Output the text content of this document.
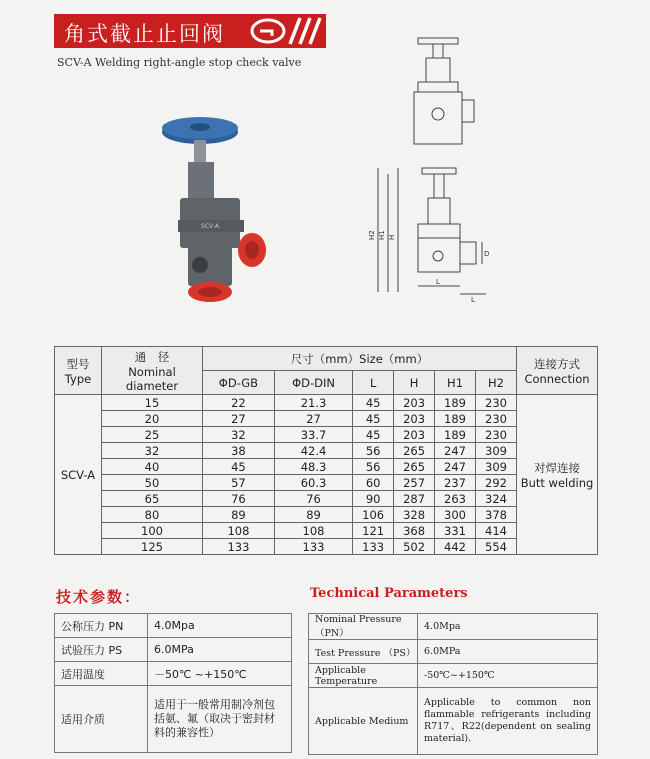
角式截止止回阀
SCV-A Welding right-angle stop check valve
SCV-A
H2 H1 H
D
L
L
型号
Type	通　径
Nominal diameter	尺寸（mm）Size（mm）						连接方式
Connection
		ΦD-GB	ΦD-DIN	L	H	H1	H2	
SCV-A	15	22	21.3	45	203	189	230	对焊连接
Butt welding
	20	27	27	45	203	189	230	
	25	32	33.7	45	203	189	230	
	32	38	42.4	56	265	247	309	
	40	45	48.3	56	265	247	309	
	50	57	60.3	60	257	237	292	
	65	76	76	90	287	263	324	
	80	89	89	106	328	300	378	
	100	108	108	121	368	331	414	
	125	133	133	133	502	442	554	
技术参数：	Technical Parameters
公称压力 PN	4.0Mpa
试验压力 PS	6.0MPa
适用温度	－50℃ ~+150℃
适用介质	适用于一般常用制冷剂包括氨、氟（取决于密封材料的兼容性）
Nominal Pressure（PN）	4.0Mpa
Test Pressure （PS）	6.0MPa
Applicable Temperature	-50℃~+150℃
Applicable Medium	Applicable to common non flammable refrigerants including R717、R22(dependent on sealing material).
